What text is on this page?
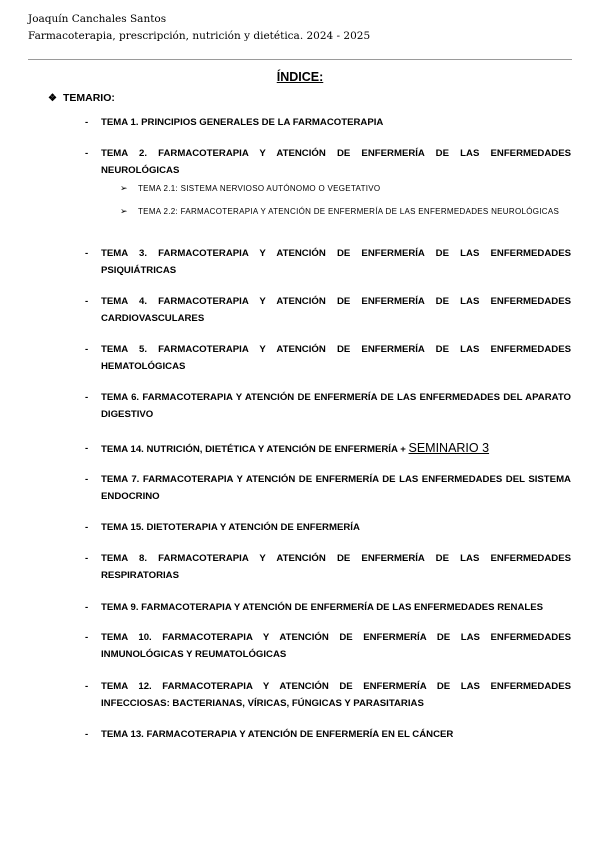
Joaquín Canchales Santos
Farmacoterapia, prescripción, nutrición y dietética. 2024 - 2025
ÍNDICE:
❖ TEMARIO:
- TEMA 1. PRINCIPIOS GENERALES DE LA FARMACOTERAPIA
- TEMA 2. FARMACOTERAPIA Y ATENCIÓN DE ENFERMERÍA DE LAS ENFERMEDADES NEUROLÓGICAS
➢ TEMA 2.1: SISTEMA NERVIOSO AUTÓNOMO O VEGETATIVO
➢ TEMA 2.2: FARMACOTERAPIA Y ATENCIÓN DE ENFERMERÍA DE LAS ENFERMEDADES NEUROLÓGICAS
- TEMA 3. FARMACOTERAPIA Y ATENCIÓN DE ENFERMERÍA DE LAS ENFERMEDADES PSIQUIÁTRICAS
- TEMA 4. FARMACOTERAPIA Y ATENCIÓN DE ENFERMERÍA DE LAS ENFERMEDADES CARDIOVASCULARES
- TEMA 5. FARMACOTERAPIA Y ATENCIÓN DE ENFERMERÍA DE LAS ENFERMEDADES HEMATOLÓGICAS
- TEMA 6. FARMACOTERAPIA Y ATENCIÓN DE ENFERMERÍA DE LAS ENFERMEDADES DEL APARATO DIGESTIVO
- TEMA 14. NUTRICIÓN, DIETÉTICA Y ATENCIÓN DE ENFERMERÍA + SEMINARIO 3
- TEMA 7. FARMACOTERAPIA Y ATENCIÓN DE ENFERMERÍA DE LAS ENFERMEDADES DEL SISTEMA ENDOCRINO
- TEMA 15. DIETOTERAPIA Y ATENCIÓN DE ENFERMERÍA
- TEMA 8. FARMACOTERAPIA Y ATENCIÓN DE ENFERMERÍA DE LAS ENFERMEDADES RESPIRATORIAS
- TEMA 9. FARMACOTERAPIA Y ATENCIÓN DE ENFERMERÍA DE LAS ENFERMEDADES RENALES
- TEMA 10. FARMACOTERAPIA Y ATENCIÓN DE ENFERMERÍA DE LAS ENFERMEDADES INMUNOLÓGICAS Y REUMATOLÓGICAS
- TEMA 12. FARMACOTERAPIA Y ATENCIÓN DE ENFERMERÍA DE LAS ENFERMEDADES INFECCIOSAS: BACTERIANAS, VÍRICAS, FÚNGICAS Y PARASITARIAS
- TEMA 13. FARMACOTERAPIA Y ATENCIÓN DE ENFERMERÍA EN EL CÁNCER
